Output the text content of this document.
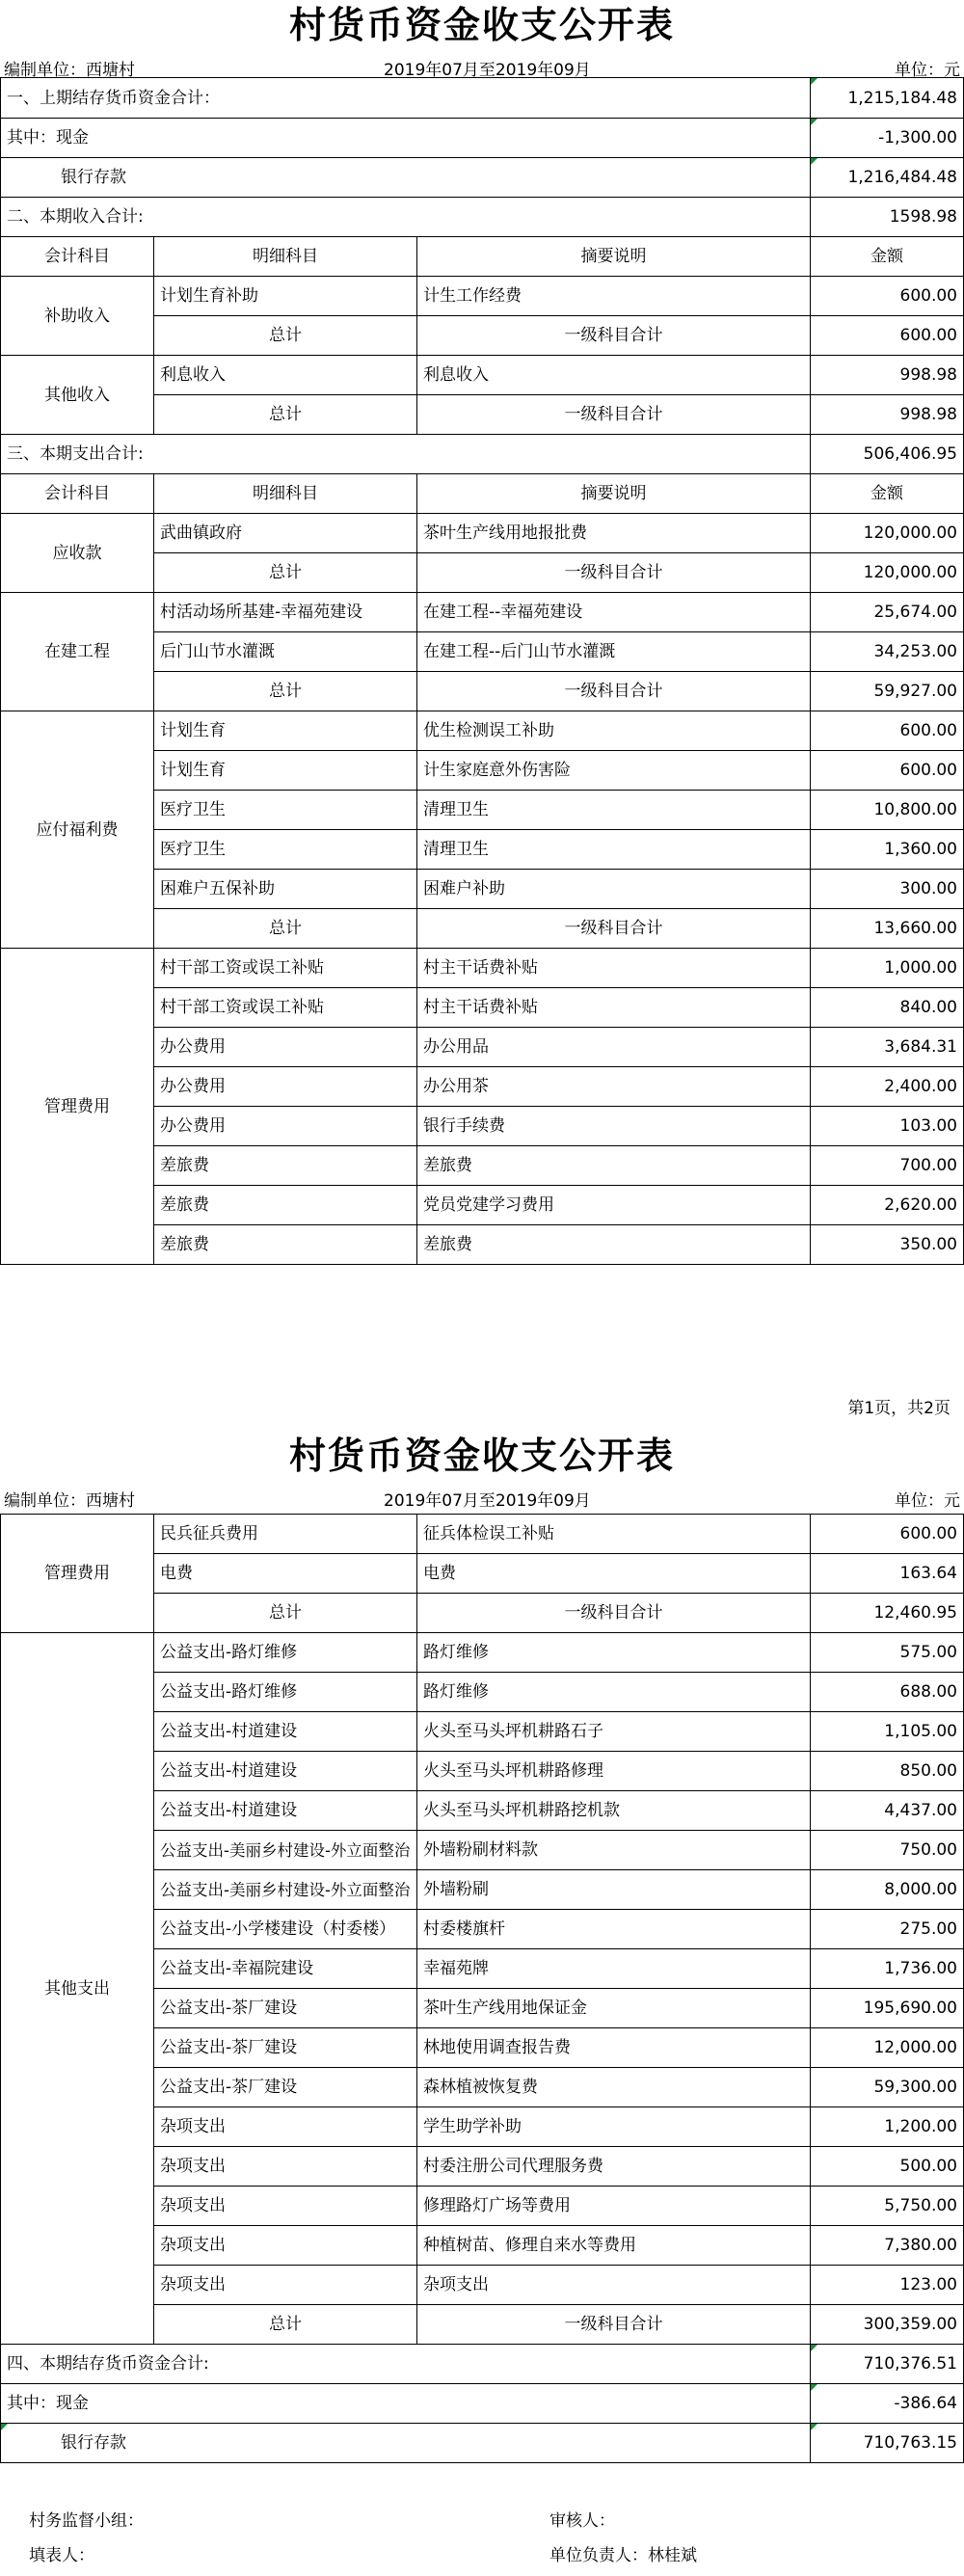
村货币资金收支公开表
编制单位：西塘村	2019年07月至2019年09月	单位：元
一、上期结存货币资金合计：			1,215,184.48
其中：现金			-1,300.00
银行存款			1,216,484.48
二、本期收入合计:			1598.98
会计科目	明细科目	摘要说明	金额
补助收入	计划生育补助	计生工作经费	600.00
	总计	一级科目合计	600.00
其他收入	利息收入	利息收入	998.98
	总计	一级科目合计	998.98
三、本期支出合计:			506,406.95
会计科目	明细科目	摘要说明	金额
应收款	武曲镇政府	茶叶生产线用地报批费	120,000.00
	总计	一级科目合计	120,000.00
在建工程	村活动场所基建-幸福苑建设	在建工程--幸福苑建设	25,674.00
	后门山节水灌溉	在建工程--后门山节水灌溉	34,253.00
	总计	一级科目合计	59,927.00
应付福利费	计划生育	优生检测误工补助	600.00
	计划生育	计生家庭意外伤害险	600.00
	医疗卫生	清理卫生	10,800.00
	医疗卫生	清理卫生	1,360.00
	困难户五保补助	困难户补助	300.00
	总计	一级科目合计	13,660.00
管理费用	村干部工资或误工补贴	村主干话费补贴	1,000.00
	村干部工资或误工补贴	村主干话费补贴	840.00
	办公费用	办公用品	3,684.31
	办公费用	办公用茶	2,400.00
	办公费用	银行手续费	103.00
	差旅费	差旅费	700.00
	差旅费	党员党建学习费用	2,620.00
	差旅费	差旅费	350.00
第1页，共2页
村货币资金收支公开表
编制单位：西塘村	2019年07月至2019年09月	单位：元
管理费用	民兵征兵费用	征兵体检误工补贴	600.00
	电费	电费	163.64
	总计	一级科目合计	12,460.95
其他支出	公益支出-路灯维修	路灯维修	575.00
	公益支出-路灯维修	路灯维修	688.00
	公益支出-村道建设	火头至马头坪机耕路石子	1,105.00
	公益支出-村道建设	火头至马头坪机耕路修理	850.00
	公益支出-村道建设	火头至马头坪机耕路挖机款	4,437.00
	公益支出-美丽乡村建设-外立面整治	外墙粉刷材料款	750.00
	公益支出-美丽乡村建设-外立面整治	外墙粉刷	8,000.00
	公益支出-小学楼建设（村委楼）	村委楼旗杆	275.00
	公益支出-幸福院建设	幸福苑牌	1,736.00
	公益支出-茶厂建设	茶叶生产线用地保证金	195,690.00
	公益支出-茶厂建设	林地使用调查报告费	12,000.00
	公益支出-茶厂建设	森林植被恢复费	59,300.00
	杂项支出	学生助学补助	1,200.00
	杂项支出	村委注册公司代理服务费	500.00
	杂项支出	修理路灯广场等费用	5,750.00
	杂项支出	种植树苗、修理自来水等费用	7,380.00
	杂项支出	杂项支出	123.00
	总计	一级科目合计	300,359.00
四、本期结存货币资金合计:			710,376.51
其中：现金			-386.64
银行存款			710,763.15
村务监督小组：	审核人：
填表人：	单位负责人：林桂斌
